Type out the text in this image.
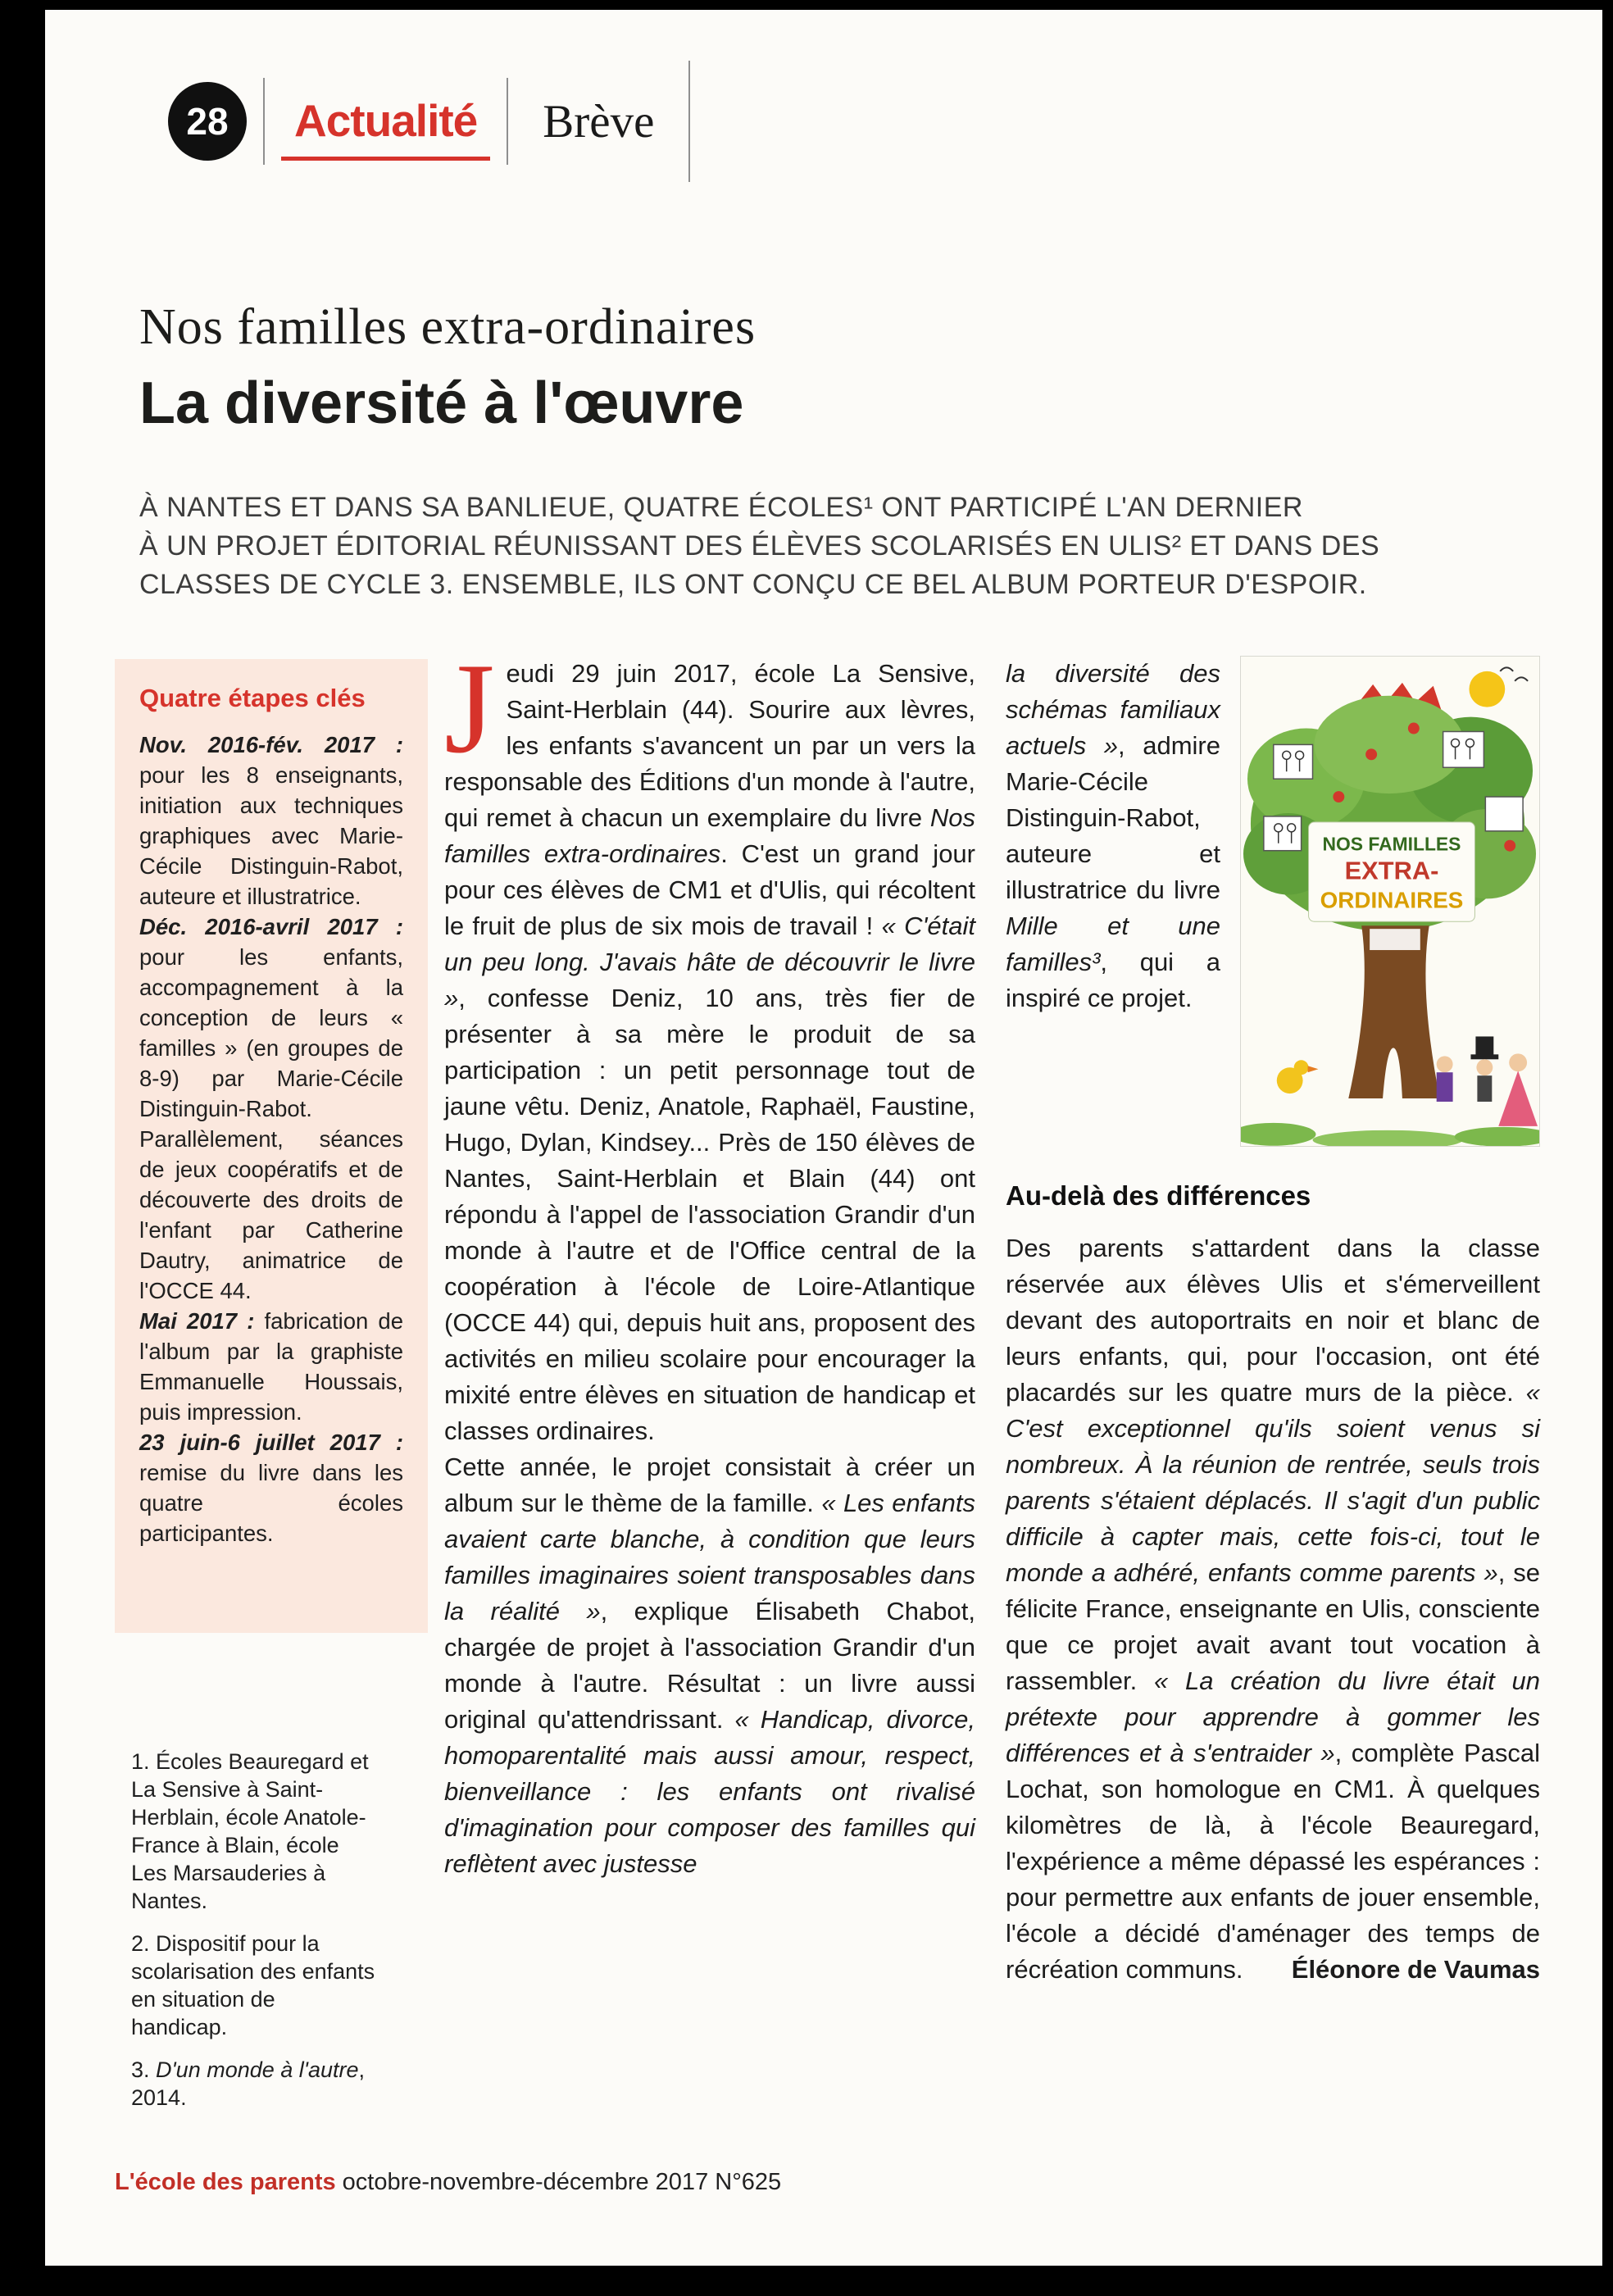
28 Actualité	Brève
Nos familles extra-ordinaires
La diversité à l'œuvre
À NANTES ET DANS SA BANLIEUE, QUATRE ÉCOLES¹ ONT PARTICIPÉ L'AN DERNIER
À UN PROJET ÉDITORIAL RÉUNISSANT DES ÉLÈVES SCOLARISÉS EN ULIS² ET DANS DES
CLASSES DE CYCLE 3. ENSEMBLE, ILS ONT CONÇU CE BEL ALBUM PORTEUR D'ESPOIR.
Quatre étapes clés

Nov. 2016-fév. 2017 : pour les 8 enseignants, initiation aux techniques graphiques avec Marie-Cécile Distinguin-Rabot, auteure et illustratrice.

Déc. 2016-avril 2017 : pour les enfants, accompagnement à la conception de leurs « familles » (en groupes de 8-9) par Marie-Cécile Distinguin-Rabot. Parallèlement, séances de jeux coopératifs et de découverte des droits de l'enfant par Catherine Dautry, animatrice de l'OCCE 44.

Mai 2017 : fabrication de l'album par la graphiste Emmanuelle Houssais, puis impression.

23 juin-6 juillet 2017 : remise du livre dans les quatre écoles participantes.

Jeudi 29 juin 2017, école La Sensive, Saint-Herblain (44). Sourire aux lèvres, les enfants s'avancent un par un vers la responsable des Éditions d'un monde à l'autre, qui remet à chacun un exemplaire du livre Nos familles extra-ordinaires. C'est un grand jour pour ces élèves de CM1 et d'Ulis, qui récoltent le fruit de plus de six mois de travail ! « C'était un peu long. J'avais hâte de découvrir le livre », confesse Deniz, 10 ans, très fier de présenter à sa mère le produit de sa participation : un petit personnage tout de jaune vêtu. Deniz, Anatole, Raphaël, Faustine, Hugo, Dylan, Kindsey... Près de 150 élèves de Nantes, Saint-Herblain et Blain (44) ont répondu à l'appel de l'association Grandir d'un monde à l'autre et de l'Office central de la coopération à l'école de Loire-Atlantique (OCCE 44) qui, depuis huit ans, proposent des activités en milieu scolaire pour encourager la mixité entre élèves en situation de handicap et classes ordinaires.

Cette année, le projet consistait à créer un album sur le thème de la famille. « Les enfants avaient carte blanche, à condition que leurs familles imaginaires soient transposables dans la réalité », explique Élisabeth Chabot, chargée de projet à l'association Grandir d'un monde à l'autre. Résultat : un livre aussi original qu'attendrissant. « Handicap, divorce, homoparentalité mais aussi amour, respect, bienveillance : les enfants ont rivalisé d'imagination pour composer des familles qui reflètent avec justesse

la diversité des schémas familiaux actuels », admire Marie-Cécile Distinguin-Rabot, auteure et illustratrice du livre Mille et une familles³, qui a inspiré ce projet.

NOS FAMILLES
EXTRA-
ORDINAIRES
Au-delà des différences

Des parents s'attardent dans la classe réservée aux élèves Ulis et s'émerveillent devant des autoportraits en noir et blanc de leurs enfants, qui, pour l'occasion, ont été placardés sur les quatre murs de la pièce. « C'est exceptionnel qu'ils soient venus si nombreux. À la réunion de rentrée, seuls trois parents s'étaient déplacés. Il s'agit d'un public difficile à capter mais, cette fois-ci, tout le monde a adhéré, enfants comme parents », se félicite France, enseignante en Ulis, consciente que ce projet avait avant tout vocation à rassembler. « La création du livre était un prétexte pour apprendre à gommer les différences et à s'entraider », complète Pascal Lochat, son homologue en CM1. À quelques kilomètres de là, à l'école Beauregard, l'expérience a même dépassé les espérances : pour permettre aux enfants de jouer ensemble, l'école a décidé d'aménager des temps de récréation communs.	Éléonore de Vaumas

1. Écoles Beauregard et La Sensive à Saint-Herblain, école Anatole-France à Blain, école Les Marsauderies à Nantes.

2. Dispositif pour la scolarisation des enfants en situation de handicap.

3. D'un monde à l'autre, 2014.

L'école des parents octobre-novembre-décembre 2017 N°625
